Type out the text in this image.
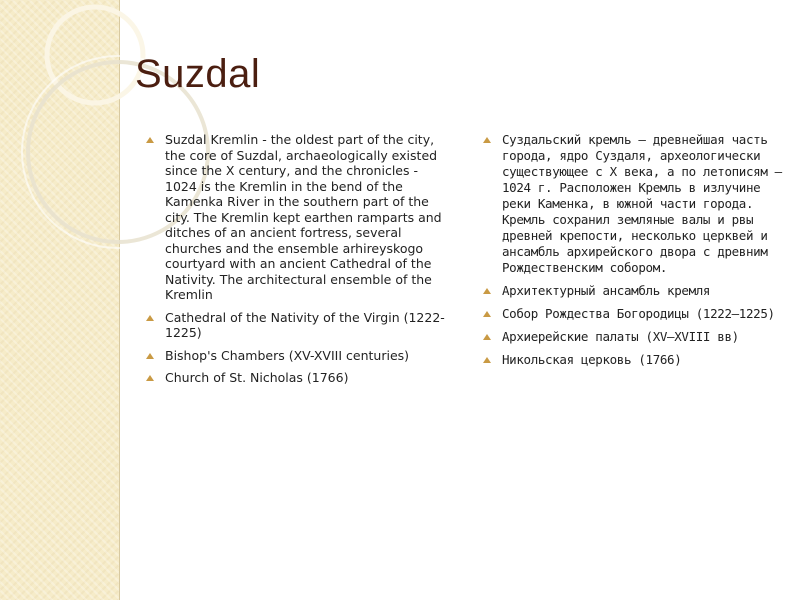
Suzdal
Suzdal Kremlin - the oldest part of the city, the core of Suzdal, archaeologically existed since the X century, and the chronicles - 1024 is the Kremlin in the bend of the Kamenka River in the southern part of the city. The Kremlin kept earthen ramparts and ditches of an ancient fortress, several churches and the ensemble arhireyskogo courtyard with an ancient Cathedral of the Nativity. The architectural ensemble of the Kremlin
Cathedral of the Nativity of the Virgin (1222-1225)
Bishop's Chambers (XV-XVIII centuries)
Church of St. Nicholas (1766)
Суздальский кремль — древнейшая часть города, ядро Суздаля, археологически существующее с X века, а по летописям — 1024 г. Расположен Кремль в излучине реки Каменка, в южной части города. Кремль сохранил земляные валы и рвы древней крепости, несколько церквей и ансамбль архирейского двора с древним Рождественским собором.
Архитектурный ансамбль кремля
Собор Рождества Богородицы (1222—1225)
Архиерейские палаты (XV—XVIII вв)
Никольская церковь (1766)
